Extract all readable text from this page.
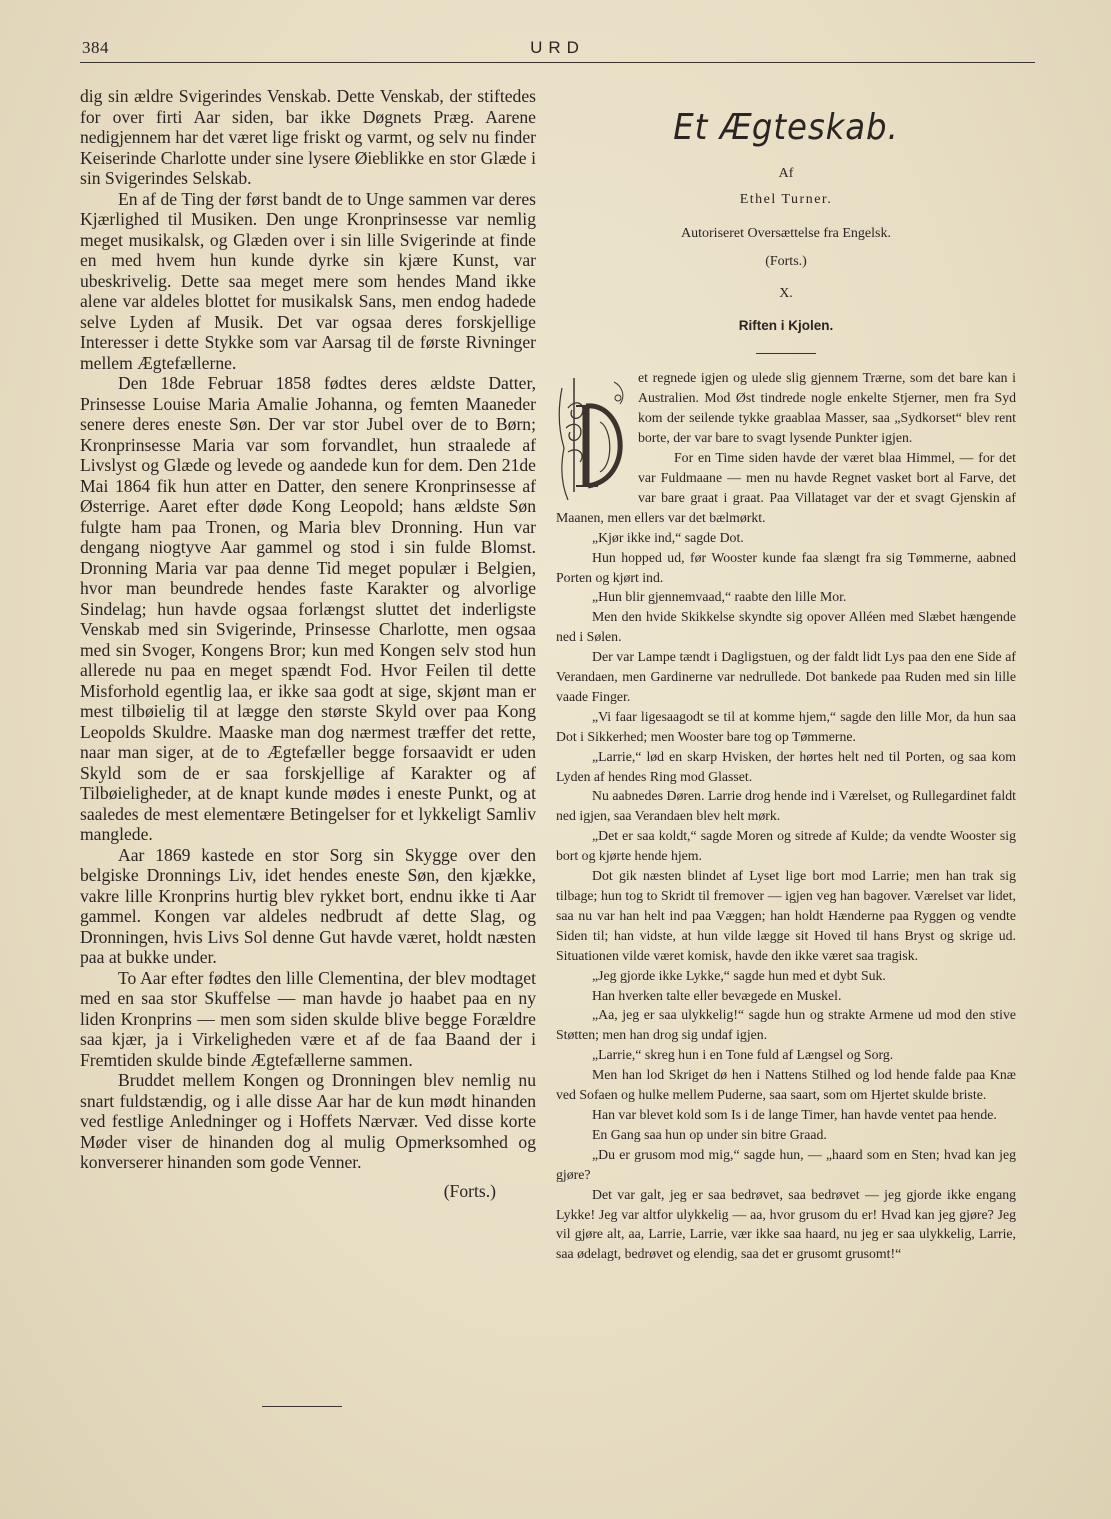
384	URD

dig sin ældre Svigerindes Venskab. Dette Venskab, der stiftedes for over firti Aar siden, bar ikke Døgnets Præg. Aarene nedigjennem har det været lige friskt og varmt, og selv nu finder Keiserinde Charlotte under sine lysere Øieblikke en stor Glæde i sin Svigerindes Selskab.

En af de Ting der først bandt de to Unge sammen var deres Kjærlighed til Musiken. Den unge Kronprinsesse var nemlig meget musikalsk, og Glæden over i sin lille Svigerinde at finde en med hvem hun kunde dyrke sin kjære Kunst, var ubeskrivelig. Dette saa meget mere som hendes Mand ikke alene var aldeles blottet for musikalsk Sans, men endog hadede selve Lyden af Musik. Det var ogsaa deres forskjellige Interesser i dette Stykke som var Aarsag til de første Rivninger mellem Ægtefællerne.

Den 18de Februar 1858 fødtes deres ældste Datter, Prinsesse Louise Maria Amalie Johanna, og femten Maaneder senere deres eneste Søn. Der var stor Jubel over de to Børn; Kronprinsesse Maria var som forvandlet, hun straalede af Livslyst og Glæde og levede og aandede kun for dem. Den 21de Mai 1864 fik hun atter en Datter, den senere Kronprinsesse af Østerrige. Aaret efter døde Kong Leopold; hans ældste Søn fulgte ham paa Tronen, og Maria blev Dronning. Hun var dengang niogtyve Aar gammel og stod i sin fulde Blomst. Dronning Maria var paa denne Tid meget populær i Belgien, hvor man beundrede hendes faste Karakter og alvorlige Sindelag; hun havde ogsaa forlængst sluttet det inderligste Venskab med sin Svigerinde, Prinsesse Charlotte, men ogsaa med sin Svoger, Kongens Bror; kun med Kongen selv stod hun allerede nu paa en meget spændt Fod. Hvor Feilen til dette Misforhold egentlig laa, er ikke saa godt at sige, skjønt man er mest tilbøielig til at lægge den største Skyld over paa Kong Leopolds Skuldre. Maaske man dog nærmest træffer det rette, naar man siger, at de to Ægtefæller begge forsaavidt er uden Skyld som de er saa forskjellige af Karakter og af Tilbøieligheder, at de knapt kunde mødes i eneste Punkt, og at saaledes de mest elementære Betingelser for et lykkeligt Samliv manglede.

Aar 1869 kastede en stor Sorg sin Skygge over den belgiske Dronnings Liv, idet hendes eneste Søn, den kjække, vakre lille Kronprins hurtig blev rykket bort, endnu ikke ti Aar gammel. Kongen var aldeles nedbrudt af dette Slag, og Dronningen, hvis Livs Sol denne Gut havde været, holdt næsten paa at bukke under.

To Aar efter fødtes den lille Clementina, der blev modtaget med en saa stor Skuffelse — man havde jo haabet paa en ny liden Kronprins — men som siden skulde blive begge Forældre saa kjær, ja i Virkeligheden være et af de faa Baand der i Fremtiden skulde binde Ægtefællerne sammen.

Bruddet mellem Kongen og Dronningen blev nemlig nu snart fuldstændig, og i alle disse Aar har de kun mødt hinanden ved festlige Anledninger og i Hoffets Nærvær. Ved disse korte Møder viser de hinanden dog al mulig Opmerksomhed og konverserer hinanden som gode Venner.

(Forts.)

Et Ægteskab.
Af
Ethel Turner.
Autoriseret Oversættelse fra Engelsk.
(Forts.)
X.
Riften i Kjolen.

et regnede igjen og ulede slig gjennem Trærne, som det bare kan i Australien. Mod Øst tindrede nogle enkelte Stjerner, men fra Syd kom der seilende tykke graablaa Masser, saa „Sydkorset“ blev rent borte, der var bare to svagt lysende Punkter igjen.

For en Time siden havde der været blaa Himmel, — for det var Fuldmaane — men nu havde Regnet vasket bort al Farve, det var bare graat i graat. Paa Villataget var der et svagt Gjenskin af Maanen, men ellers var det bælmørkt.

„Kjør ikke ind,“ sagde Dot.

Hun hopped ud, før Wooster kunde faa slængt fra sig Tømmerne, aabned Porten og kjørt ind.

„Hun blir gjennemvaad,“ raabte den lille Mor.

Men den hvide Skikkelse skyndte sig opover Alléen med Slæbet hængende ned i Sølen.

Der var Lampe tændt i Dagligstuen, og der faldt lidt Lys paa den ene Side af Verandaen, men Gardinerne var nedrullede. Dot bankede paa Ruden med sin lille vaade Finger.

„Vi faar ligesaagodt se til at komme hjem,“ sagde den lille Mor, da hun saa Dot i Sikkerhed; men Wooster bare tog op Tømmerne.

„Larrie,“ lød en skarp Hvisken, der hørtes helt ned til Porten, og saa kom Lyden af hendes Ring mod Glasset.

Nu aabnedes Døren. Larrie drog hende ind i Værelset, og Rullegardinet faldt ned igjen, saa Verandaen blev helt mørk.

„Det er saa koldt,“ sagde Moren og sitrede af Kulde; da vendte Wooster sig bort og kjørte hende hjem.

Dot gik næsten blindet af Lyset lige bort mod Larrie; men han trak sig tilbage; hun tog to Skridt til fremover — igjen veg han bagover. Værelset var lidet, saa nu var han helt ind paa Væggen; han holdt Hænderne paa Ryggen og vendte Siden til; han vidste, at hun vilde lægge sit Hoved til hans Bryst og skrige ud. Situationen vilde været komisk, havde den ikke været saa tragisk.

„Jeg gjorde ikke Lykke,“ sagde hun med et dybt Suk.

Han hverken talte eller bevægede en Muskel.

„Aa, jeg er saa ulykkelig!“ sagde hun og strakte Armene ud mod den stive Støtten; men han drog sig undaf igjen.

„Larrie,“ skreg hun i en Tone fuld af Længsel og Sorg.

Men han lod Skriget dø hen i Nattens Stilhed og lod hende falde paa Knæ ved Sofaen og hulke mellem Puderne, saa saart, som om Hjertet skulde briste.

Han var blevet kold som Is i de lange Timer, han havde ventet paa hende.

En Gang saa hun op under sin bitre Graad.

„Du er grusom mod mig,“ sagde hun, — „haard som en Sten; hvad kan jeg gjøre?

Det var galt, jeg er saa bedrøvet, saa bedrøvet — jeg gjorde ikke engang Lykke! Jeg var altfor ulykkelig — aa, hvor grusom du er! Hvad kan jeg gjøre? Jeg vil gjøre alt, aa, Larrie, Larrie, vær ikke saa haard, nu jeg er saa ulykkelig, Larrie, saa ødelagt, bedrøvet og elendig, saa det er grusomt grusomt!“
